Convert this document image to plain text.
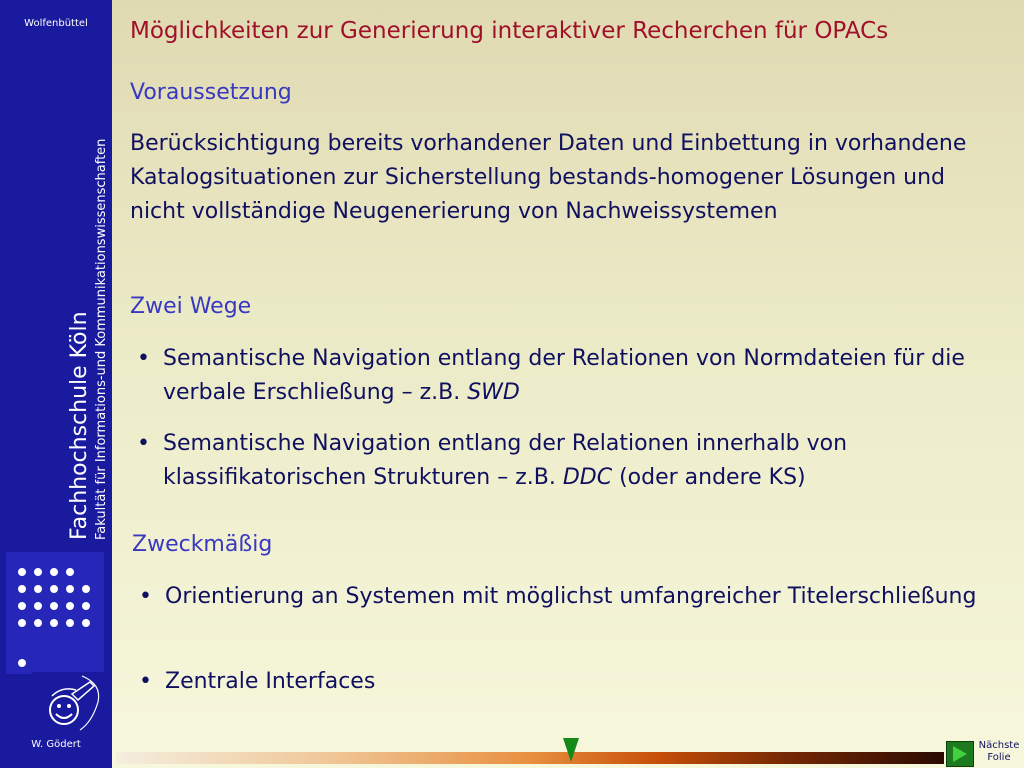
Wolfenbüttel
Fachhochschule Köln Fakultät für Informations-und Kommunikationswissenschaften
W. Gödert
Möglichkeiten zur Generierung interaktiver Recherchen für OPACs
Voraussetzung
Berücksichtigung bereits vorhandener Daten und Einbettung in vorhandene Katalogsituationen zur Sicherstellung bestands-homogener Lösungen und nicht vollständige Neugenerierung von Nachweissystemen
Zwei Wege
• Semantische Navigation entlang der Relationen von Normdateien für die verbale Erschließung – z.B. SWD
• Semantische Navigation entlang der Relationen innerhalb von klassifikatorischen Strukturen – z.B. DDC (oder andere KS)
Zweckmäßig
• Orientierung an Systemen mit möglichst umfangreicher Titelerschließung
• Zentrale Interfaces
Nächste
Folie
